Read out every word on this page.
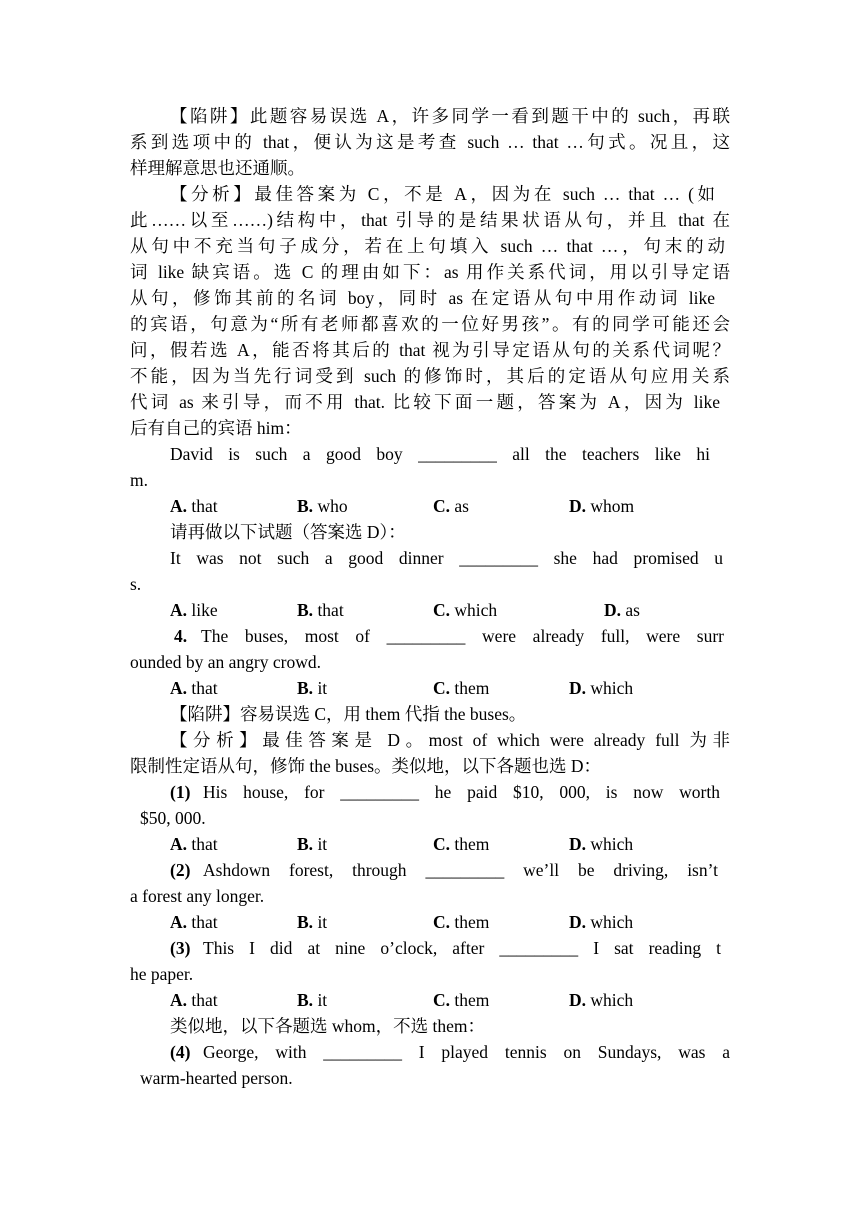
【陷阱】此题容易误选 A，许多同学一看到题干中的 such，再联
系到选项中的 that，便认为这是考查 such … that …句式。况且，这
样理解意思也还通顺。
【分析】最佳答案为 C，不是 A，因为在 such … that … (如
此……以至……)结构中，that 引导的是结果状语从句，并且 that 在
从句中不充当句子成分，若在上句填入 such … that …，句末的动
词 like 缺宾语。选 C 的理由如下：as 用作关系代词，用以引导定语
从句，修饰其前的名词 boy，同时 as 在定语从句中用作动词 like
的宾语，句意为“所有老师都喜欢的一位好男孩”。有的同学可能还会
问，假若选 A，能否将其后的 that 视为引导定语从句的关系代词呢？
不能，因为当先行词受到 such 的修饰时，其后的定语从句应用关系
代词 as 来引导，而不用 that. 比较下面一题，答案为 A，因为 like
后有自己的宾语 him：
David is such a good boy _________ all the teachers like hi
m.
A. that	B. who	C. as	D. whom
请再做以下试题（答案选 D）：
It was not such a good dinner _________ she had promised u
s.
A. like	B. that	C. which	D. as
4. The buses, most of _________ were already full, were surr
ounded by an angry crowd.
A. that	B. it	C. them	D. which
【陷阱】容易误选 C，用 them 代指 the buses。
【分析】最佳答案是 D。most of which were already full 为非
限制性定语从句，修饰 the buses。类似地，以下各题也选 D：
(1) His house, for _________ he paid $10, 000, is now worth
$50, 000.
A. that	B. it	C. them	D. which
(2) Ashdown forest, through _________ we’ll be driving, isn’t
a forest any longer.
A. that	B. it	C. them	D. which
(3) This I did at nine o’clock, after _________ I sat reading t
he paper.
A. that	B. it	C. them	D. which
类似地，以下各题选 whom，不选 them：
(4) George, with _________ I played tennis on Sundays, was a
warm-hearted person.
